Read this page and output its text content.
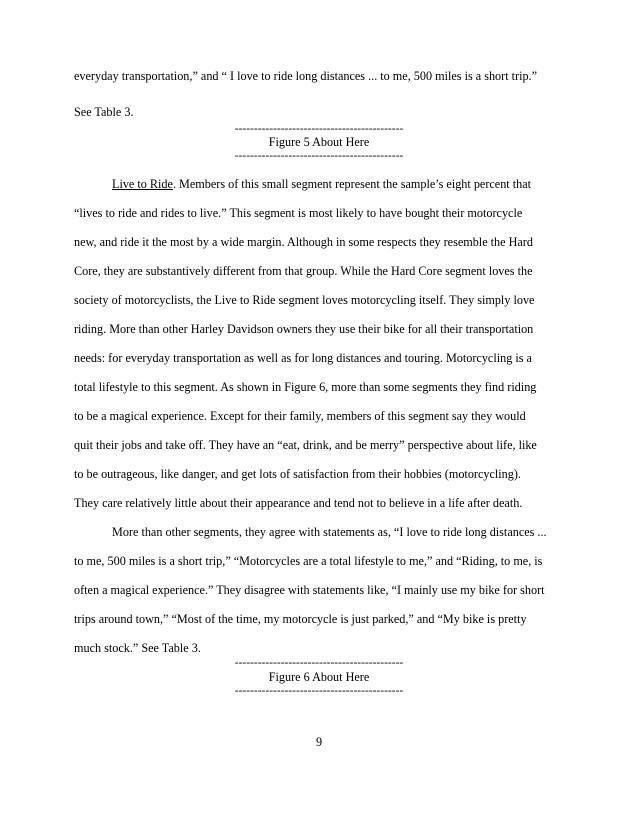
everyday transportation,” and “ I love to ride long distances ... to me, 500 miles is a short trip.”
See Table 3.
--------------------------------------------
Figure 5 About Here
--------------------------------------------
Live to Ride. Members of this small segment represent the sample’s eight percent that
“lives to ride and rides to live.” This segment is most likely to have bought their motorcycle
new, and ride it the most by a wide margin. Although in some respects they resemble the Hard
Core, they are substantively different from that group. While the Hard Core segment loves the
society of motorcyclists, the Live to Ride segment loves motorcycling itself. They simply love
riding. More than other Harley Davidson owners they use their bike for all their transportation
needs: for everyday transportation as well as for long distances and touring. Motorcycling is a
total lifestyle to this segment. As shown in Figure 6, more than some segments they find riding
to be a magical experience. Except for their family, members of this segment say they would
quit their jobs and take off. They have an “eat, drink, and be merry” perspective about life, like
to be outrageous, like danger, and get lots of satisfaction from their hobbies (motorcycling).
They care relatively little about their appearance and tend not to believe in a life after death.
More than other segments, they agree with statements as, “I love to ride long distances ...
to me, 500 miles is a short trip,” “Motorcycles are a total lifestyle to me,” and “Riding, to me, is
often a magical experience.” They disagree with statements like, “I mainly use my bike for short
trips around town,” “Most of the time, my motorcycle is just parked,” and “My bike is pretty
much stock.” See Table 3.
--------------------------------------------
Figure 6 About Here
--------------------------------------------
9
